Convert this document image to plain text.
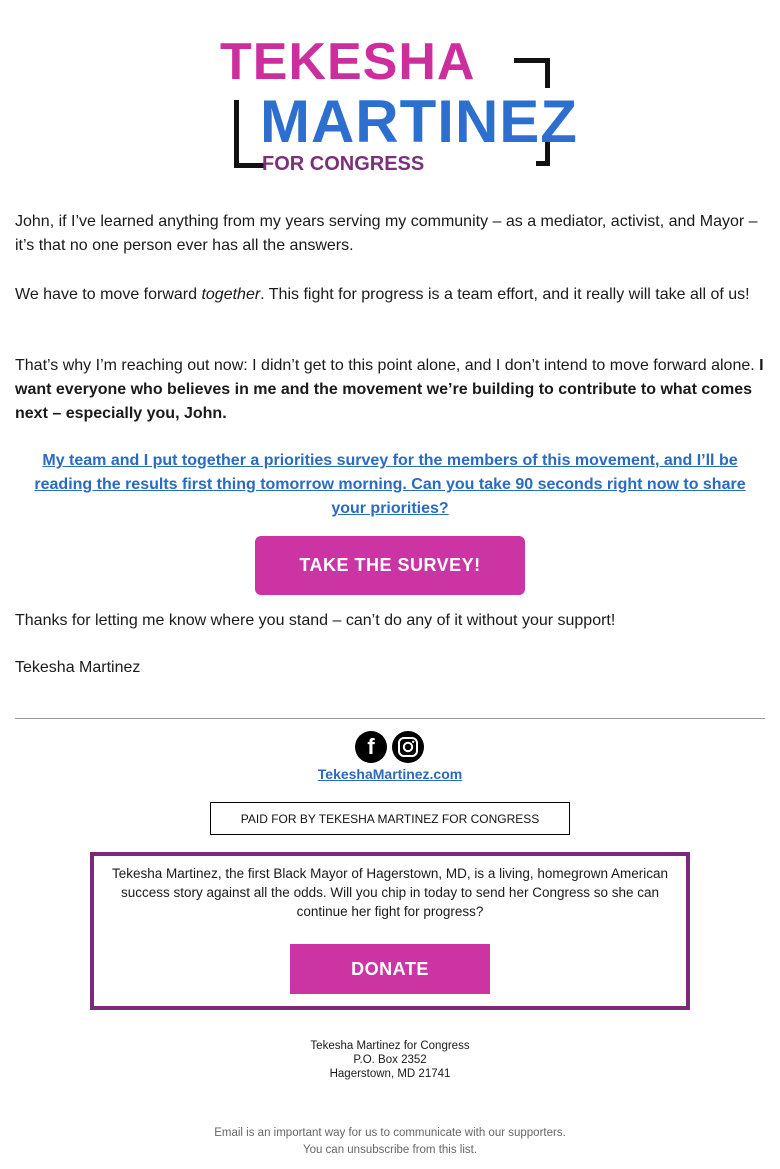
TEKESHA
MARTINEZ
FOR CONGRESS

John, if I’ve learned anything from my years serving my community – as a mediator, activist, and Mayor – it’s that no one person ever has all the answers.

We have to move forward together. This fight for progress is a team effort, and it really will take all of us!

That’s why I’m reaching out now: I didn’t get to this point alone, and I don’t intend to move forward alone. I want everyone who believes in me and the movement we’re building to contribute to what comes next – especially you, John.

My team and I put together a priorities survey for the members of this movement, and I’ll be reading the results first thing tomorrow morning. Can you take 90 seconds right now to share your priorities?
TAKE THE SURVEY!

Thanks for letting me know where you stand – can’t do any of it without your support!

Tekesha Martinez

f
TekeshaMartinez.com
PAID FOR BY TEKESHA MARTINEZ FOR CONGRESS

Tekesha Martinez, the first Black Mayor of Hagerstown, MD, is a living, homegrown American success story against all the odds. Will you chip in today to send her Congress so she can continue her fight for progress?

DONATE
Tekesha Martinez for Congress
P.O. Box 2352
Hagerstown, MD 21741
Email is an important way for us to communicate with our supporters.
You can unsubscribe from this list.
